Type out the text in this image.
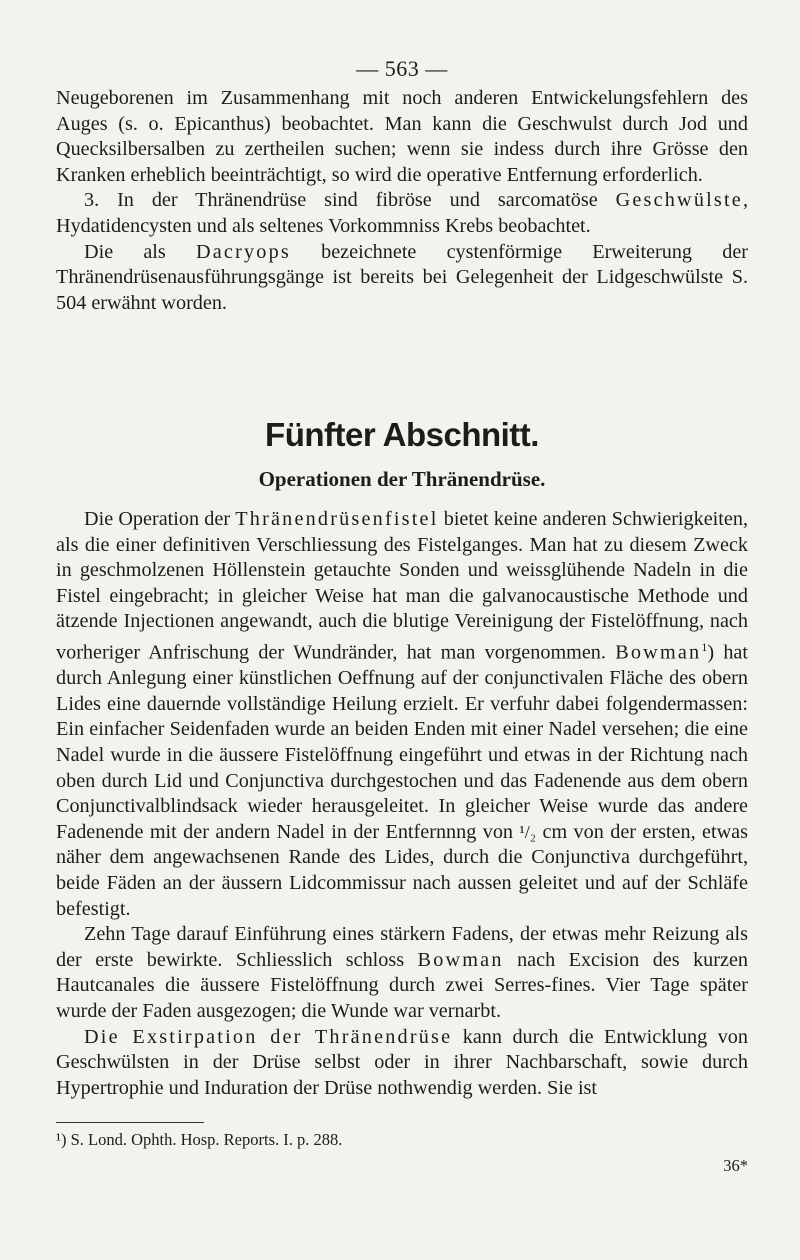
— 563 —

Neugeborenen im Zusammenhang mit noch anderen Entwickelungsfehlern des Auges (s. o. Epicanthus) beobachtet. Man kann die Geschwulst durch Jod und Quecksilbersalben zu zertheilen suchen; wenn sie indess durch ihre Grösse den Kranken erheblich beeinträchtigt, so wird die operative Entfernung erforderlich.

3. In der Thränendrüse sind fibröse und sarcomatöse Geschwülste, Hydatidencysten und als seltenes Vorkommniss Krebs beobachtet.

Die als Dacryops bezeichnete cystenförmige Erweiterung der Thränendrüsenausführungsgänge ist bereits bei Gelegenheit der Lidgeschwülste S. 504 erwähnt worden.

Fünfter Abschnitt.
Operationen der Thränendrüse.

Die Operation der Thränendrüsenfistel bietet keine anderen Schwierigkeiten, als die einer definitiven Verschliessung des Fistelganges. Man hat zu diesem Zweck in geschmolzenen Höllenstein getauchte Sonden und weissglühende Nadeln in die Fistel eingebracht; in gleicher Weise hat man die galvanocaustische Methode und ätzende Injectionen angewandt, auch die blutige Vereinigung der Fistelöffnung, nach vorheriger Anfrischung der Wundränder, hat man vorgenommen. Bowman$^1$) hat durch Anlegung einer künstlichen Oeffnung auf der conjunctivalen Fläche des obern Lides eine dauernde vollständige Heilung erzielt. Er verfuhr dabei folgendermassen: Ein einfacher Seidenfaden wurde an beiden Enden mit einer Nadel versehen; die eine Nadel wurde in die äussere Fistelöffnung eingeführt und etwas in der Richtung nach oben durch Lid und Conjunctiva durchgestochen und das Fadenende aus dem obern Conjunctivalblindsack wieder herausgeleitet. In gleicher Weise wurde das andere Fadenende mit der andern Nadel in der Entfernnng von ¹/₂ cm von der ersten, etwas näher dem angewachsenen Rande des Lides, durch die Conjunctiva durchgeführt, beide Fäden an der äussern Lidcommissur nach aussen geleitet und auf der Schläfe befestigt.

Zehn Tage darauf Einführung eines stärkern Fadens, der etwas mehr Reizung als der erste bewirkte. Schliesslich schloss Bowman nach Excision des kurzen Hautcanales die äussere Fistelöffnung durch zwei Serres-fines. Vier Tage später wurde der Faden ausgezogen; die Wunde war vernarbt.

Die Exstirpation der Thränendrüse kann durch die Entwicklung von Geschwülsten in der Drüse selbst oder in ihrer Nachbarschaft, sowie durch Hypertrophie und Induration der Drüse nothwendig werden. Sie ist

¹) S. Lond. Ophth. Hosp. Reports. I. p. 288.
36*
